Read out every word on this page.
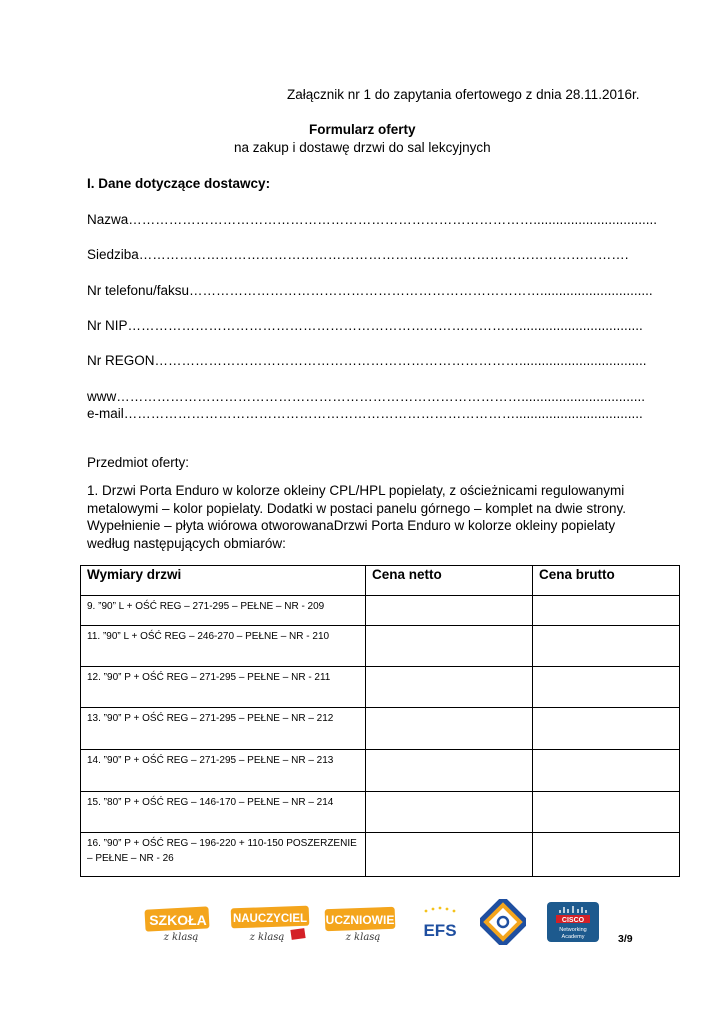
Załącznik nr 1 do zapytania ofertowego z dnia 28.11.2016r.
Formularz oferty
na zakup i dostawę drzwi do sal lekcyjnych
I. Dane dotyczące dostawcy:
Nazwa……………………………………………………………………………….................................
Siedziba……………………………………………………………………………………………….
Nr telefonu/faksu……………………………………………………………………..............................
Nr NIP…………………………………………………………………………….................................
Nr REGON………………………………………………………………………..................................
www……………………………………………………………………………….................................
e-mail……………………………………………………………………………..................................
Przedmiot oferty:
1. Drzwi Porta Enduro w kolorze okleiny CPL/HPL popielaty, z ościeżnicami regulowanymi metalowymi – kolor popielaty. Dodatki w postaci panelu górnego – komplet na dwie strony. Wypełnienie – płyta wiórowa otworowanaDrzwi Porta Enduro w kolorze okleiny popielaty według następujących obmiarów:
Wymiary drzwi	Cena netto	Cena brutto
9. ”90” L + OŚĆ REG – 271-295 – PEŁNE – NR - 209		
11. ”90” L + OŚĆ REG – 246-270 – PEŁNE – NR - 210		
12. ”90” P + OŚĆ REG – 271-295 – PEŁNE – NR - 211		
13. ”90” P + OŚĆ REG – 271-295 – PEŁNE – NR – 212		
14. ”90” P + OŚĆ REG – 271-295 – PEŁNE – NR – 213		
15. ”80” P + OŚĆ REG – 146-170 – PEŁNE – NR – 214		
16. ”90” P + OŚĆ REG – 196-220 + 110-150 POSZERZENIE – PEŁNE – NR - 26		
SZKOŁA
z klasą
NAUCZYCIEL
z klasą
UCZNIOWIE
z klasą	EFS
CISCO
Networking
Academy	3/9
